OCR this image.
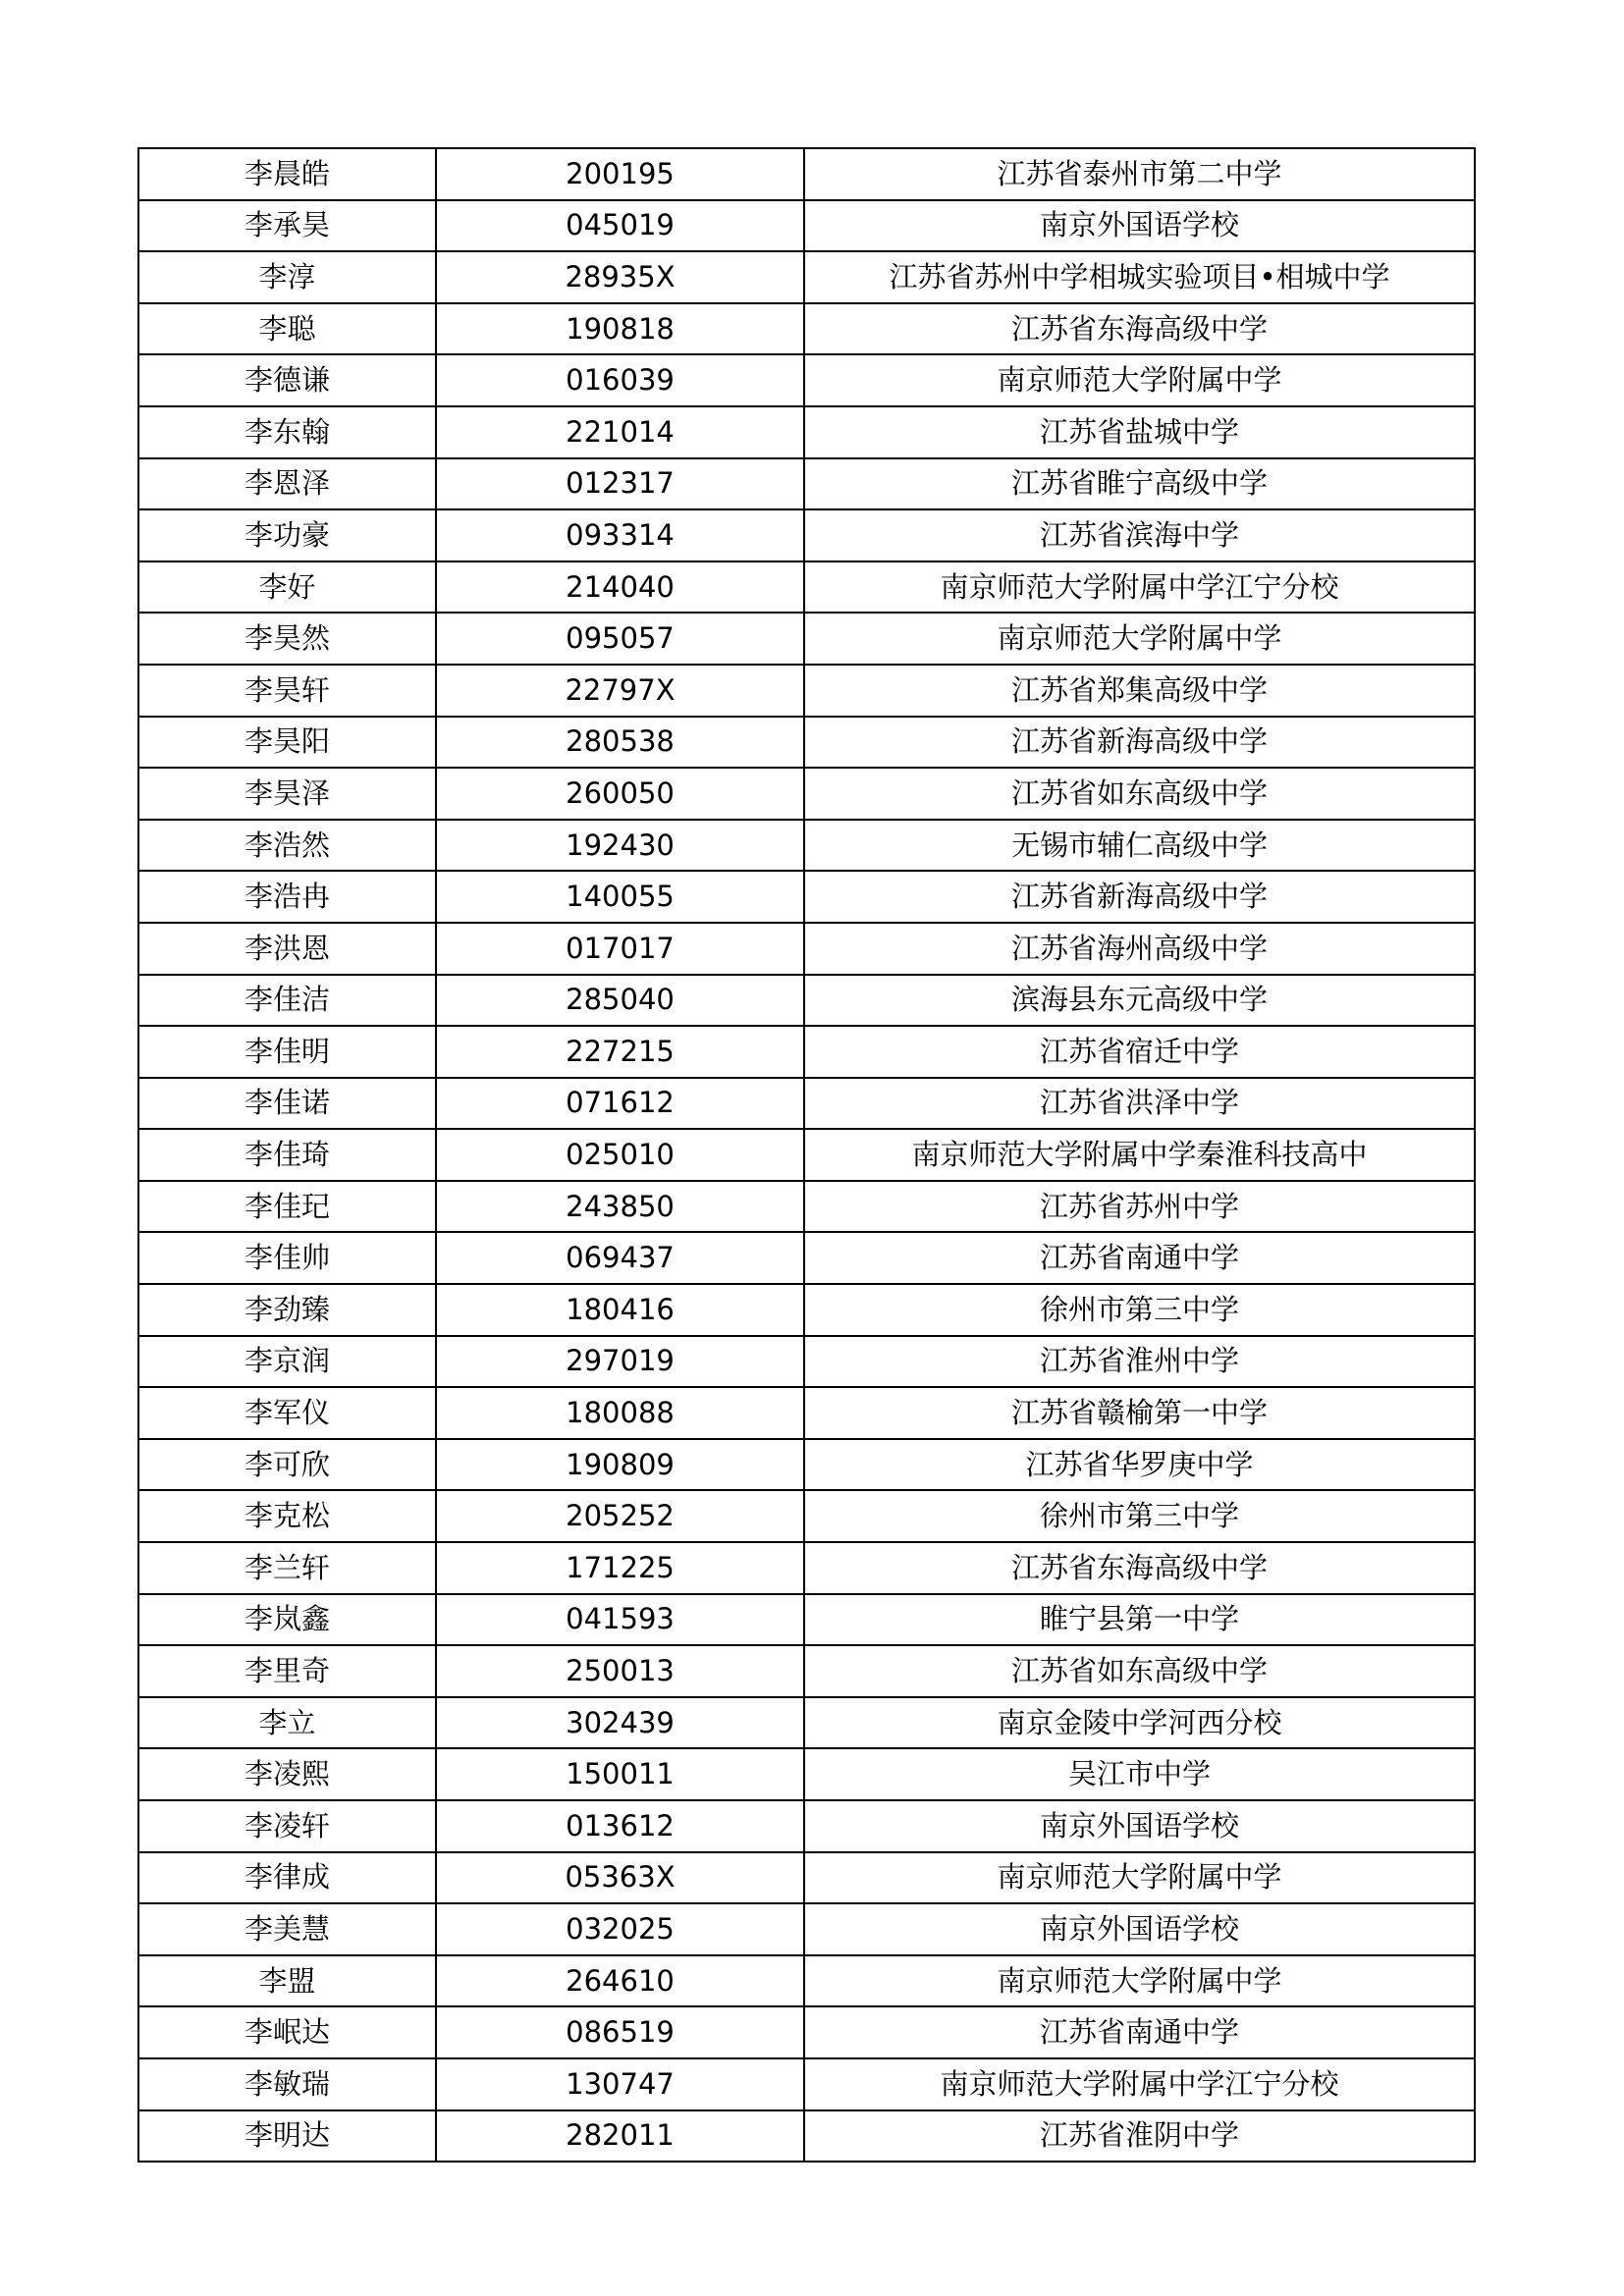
李晨皓	200195	江苏省泰州市第二中学
李承昊	045019	南京外国语学校
李淳	28935X	江苏省苏州中学相城实验项目•相城中学
李聪	190818	江苏省东海高级中学
李德谦	016039	南京师范大学附属中学
李东翰	221014	江苏省盐城中学
李恩泽	012317	江苏省睢宁高级中学
李功豪	093314	江苏省滨海中学
李好	214040	南京师范大学附属中学江宁分校
李昊然	095057	南京师范大学附属中学
李昊轩	22797X	江苏省郑集高级中学
李昊阳	280538	江苏省新海高级中学
李昊泽	260050	江苏省如东高级中学
李浩然	192430	无锡市辅仁高级中学
李浩冉	140055	江苏省新海高级中学
李洪恩	017017	江苏省海州高级中学
李佳洁	285040	滨海县东元高级中学
李佳明	227215	江苏省宿迁中学
李佳诺	071612	江苏省洪泽中学
李佳琦	025010	南京师范大学附属中学秦淮科技高中
李佳玘	243850	江苏省苏州中学
李佳帅	069437	江苏省南通中学
李劲臻	180416	徐州市第三中学
李京润	297019	江苏省淮州中学
李军仪	180088	江苏省赣榆第一中学
李可欣	190809	江苏省华罗庚中学
李克松	205252	徐州市第三中学
李兰轩	171225	江苏省东海高级中学
李岚鑫	041593	睢宁县第一中学
李里奇	250013	江苏省如东高级中学
李立	302439	南京金陵中学河西分校
李凌熙	150011	吴江市中学
李凌轩	013612	南京外国语学校
李律成	05363X	南京师范大学附属中学
李美慧	032025	南京外国语学校
李盟	264610	南京师范大学附属中学
李岷达	086519	江苏省南通中学
李敏瑞	130747	南京师范大学附属中学江宁分校
李明达	282011	江苏省淮阴中学
